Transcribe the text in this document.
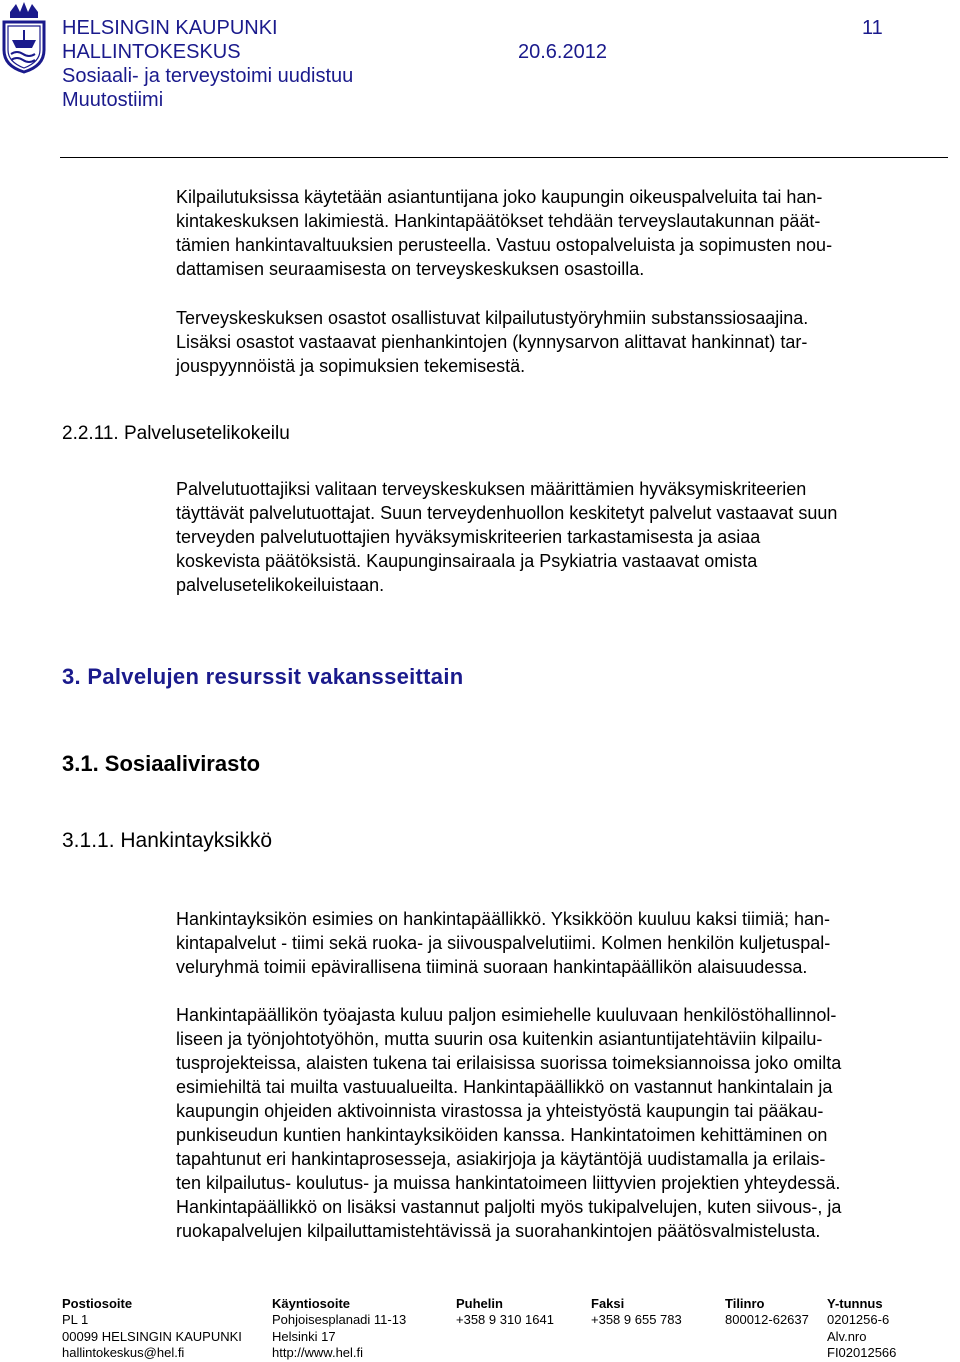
HELSINGIN KAUPUNKI	11
HALLINTOKESKUS	20.6.2012
Sosiaali- ja terveystoimi uudistuu
Muutostiimi
Kilpailutuksissa käytetään asiantuntijana joko kaupungin oikeuspalveluita tai han-
kintakeskuksen lakimiestä. Hankintapäätökset tehdään terveyslautakunnan päät-
tämien hankintavaltuuksien perusteella. Vastuu ostopalveluista ja sopimusten nou-
dattamisen seuraamisesta on terveyskeskuksen osastoilla.
Terveyskeskuksen osastot osallistuvat kilpailutustyöryhmiin substanssiosaajina.
Lisäksi osastot vastaavat pienhankintojen (kynnysarvon alittavat hankinnat) tar-
jouspyynnöistä ja sopimuksien tekemisestä.
2.2.11. Palvelusetelikokeilu
Palvelutuottajiksi valitaan terveyskeskuksen määrittämien hyväksymiskriteerien
täyttävät palvelutuottajat. Suun terveydenhuollon keskitetyt palvelut vastaavat suun
terveyden palvelutuottajien hyväksymiskriteerien tarkastamisesta ja asiaa
koskevista päätöksistä. Kaupunginsairaala ja Psykiatria vastaavat omista
palvelusetelikokeiluistaan.
3. Palvelujen resurssit vakansseittain
3.1. Sosiaalivirasto
3.1.1. Hankintayksikkö
Hankintayksikön esimies on hankintapäällikkö. Yksikköön kuuluu kaksi tiimiä; han-
kintapalvelut - tiimi sekä ruoka- ja siivouspalvelutiimi. Kolmen henkilön kuljetuspal-
veluryhmä toimii epävirallisena tiiminä suoraan hankintapäällikön alaisuudessa.
Hankintapäällikön työajasta kuluu paljon esimiehelle kuuluvaan henkilöstöhallinnol-
liseen ja työnjohtotyöhön, mutta suurin osa kuitenkin asiantuntijatehtäviin kilpailu-
tusprojekteissa, alaisten tukena tai erilaisissa suorissa toimeksiannoissa joko omilta
esimiehiltä tai muilta vastuualueilta. Hankintapäällikkö on vastannut hankintalain ja
kaupungin ohjeiden aktivoinnista virastossa ja yhteistyöstä kaupungin tai pääkau-
punkiseudun kuntien hankintayksiköiden kanssa. Hankintatoimen kehittäminen on
tapahtunut eri hankintaprosesseja, asiakirjoja ja käytäntöjä uudistamalla ja erilais-
ten kilpailutus- koulutus- ja muissa hankintatoimeen liittyvien projektien yhteydessä.
Hankintapäällikkö on lisäksi vastannut paljolti myös tukipalvelujen, kuten siivous-, ja
ruokapalvelujen kilpailuttamistehtävissä ja suorahankintojen päätösvalmistelusta.
Postiosoite
PL 1
00099 HELSINGIN KAUPUNKI
hallintokeskus@hel.fi
Käyntiosoite
Pohjoisesplanadi 11-13
Helsinki 17
http://www.hel.fi
Puhelin
+358 9 310 1641
Faksi
+358 9 655 783
Tilinro
800012-62637
Y-tunnus
0201256-6
Alv.nro
FI02012566
